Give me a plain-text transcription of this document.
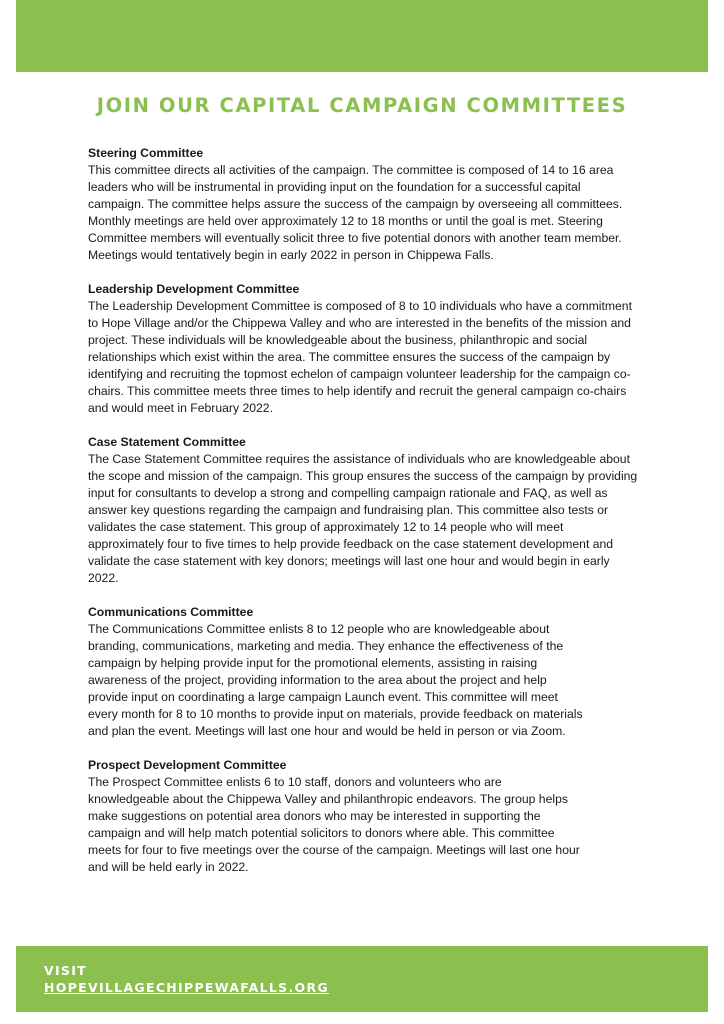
JOIN OUR CAPITAL CAMPAIGN COMMITTEES

Steering Committee

This committee directs all activities of the campaign. The committee is composed of 14 to 16 area leaders who will be instrumental in providing input on the foundation for a successful capital campaign. The committee helps assure the success of the campaign by overseeing all committees. Monthly meetings are held over approximately 12 to 18 months or until the goal is met. Steering Committee members will eventually solicit three to five potential donors with another team member. Meetings would tentatively begin in early 2022 in person in Chippewa Falls.

Leadership Development Committee

The Leadership Development Committee is composed of 8 to 10 individuals who have a commitment to Hope Village and/or the Chippewa Valley and who are interested in the benefits of the mission and project. These individuals will be knowledgeable about the business, philanthropic and social relationships which exist within the area. The committee ensures the success of the campaign by identifying and recruiting the topmost echelon of campaign volunteer leadership for the campaign co-chairs. This committee meets three times to help identify and recruit the general campaign co-chairs and would meet in February 2022.

Case Statement Committee

The Case Statement Committee requires the assistance of individuals who are knowledgeable about the scope and mission of the campaign. This group ensures the success of the campaign by providing input for consultants to develop a strong and compelling campaign rationale and FAQ, as well as answer key questions regarding the campaign and fundraising plan. This committee also tests or validates the case statement. This group of approximately 12 to 14 people who will meet approximately four to five times to help provide feedback on the case statement development and validate the case statement with key donors; meetings will last one hour and would begin in early 2022.

Communications Committee

The Communications Committee enlists 8 to 12 people who are knowledgeable about branding, communications, marketing and media. They enhance the effectiveness of the campaign by helping provide input for the promotional elements, assisting in raising awareness of the project, providing information to the area about the project and help provide input on coordinating a large campaign Launch event. This committee will meet every month for 8 to 10 months to provide input on materials, provide feedback on materials and plan the event. Meetings will last one hour and would be held in person or via Zoom.

Prospect Development Committee

The Prospect Committee enlists 6 to 10 staff, donors and volunteers who are knowledgeable about the Chippewa Valley and philanthropic endeavors. The group helps make suggestions on potential area donors who may be interested in supporting the campaign and will help match potential solicitors to donors where able. This committee meets for four to five meetings over the course of the campaign. Meetings will last one hour and will be held early in 2022.

VISIT
HOPEVILLAGECHIPPEWAFALLS.ORG
